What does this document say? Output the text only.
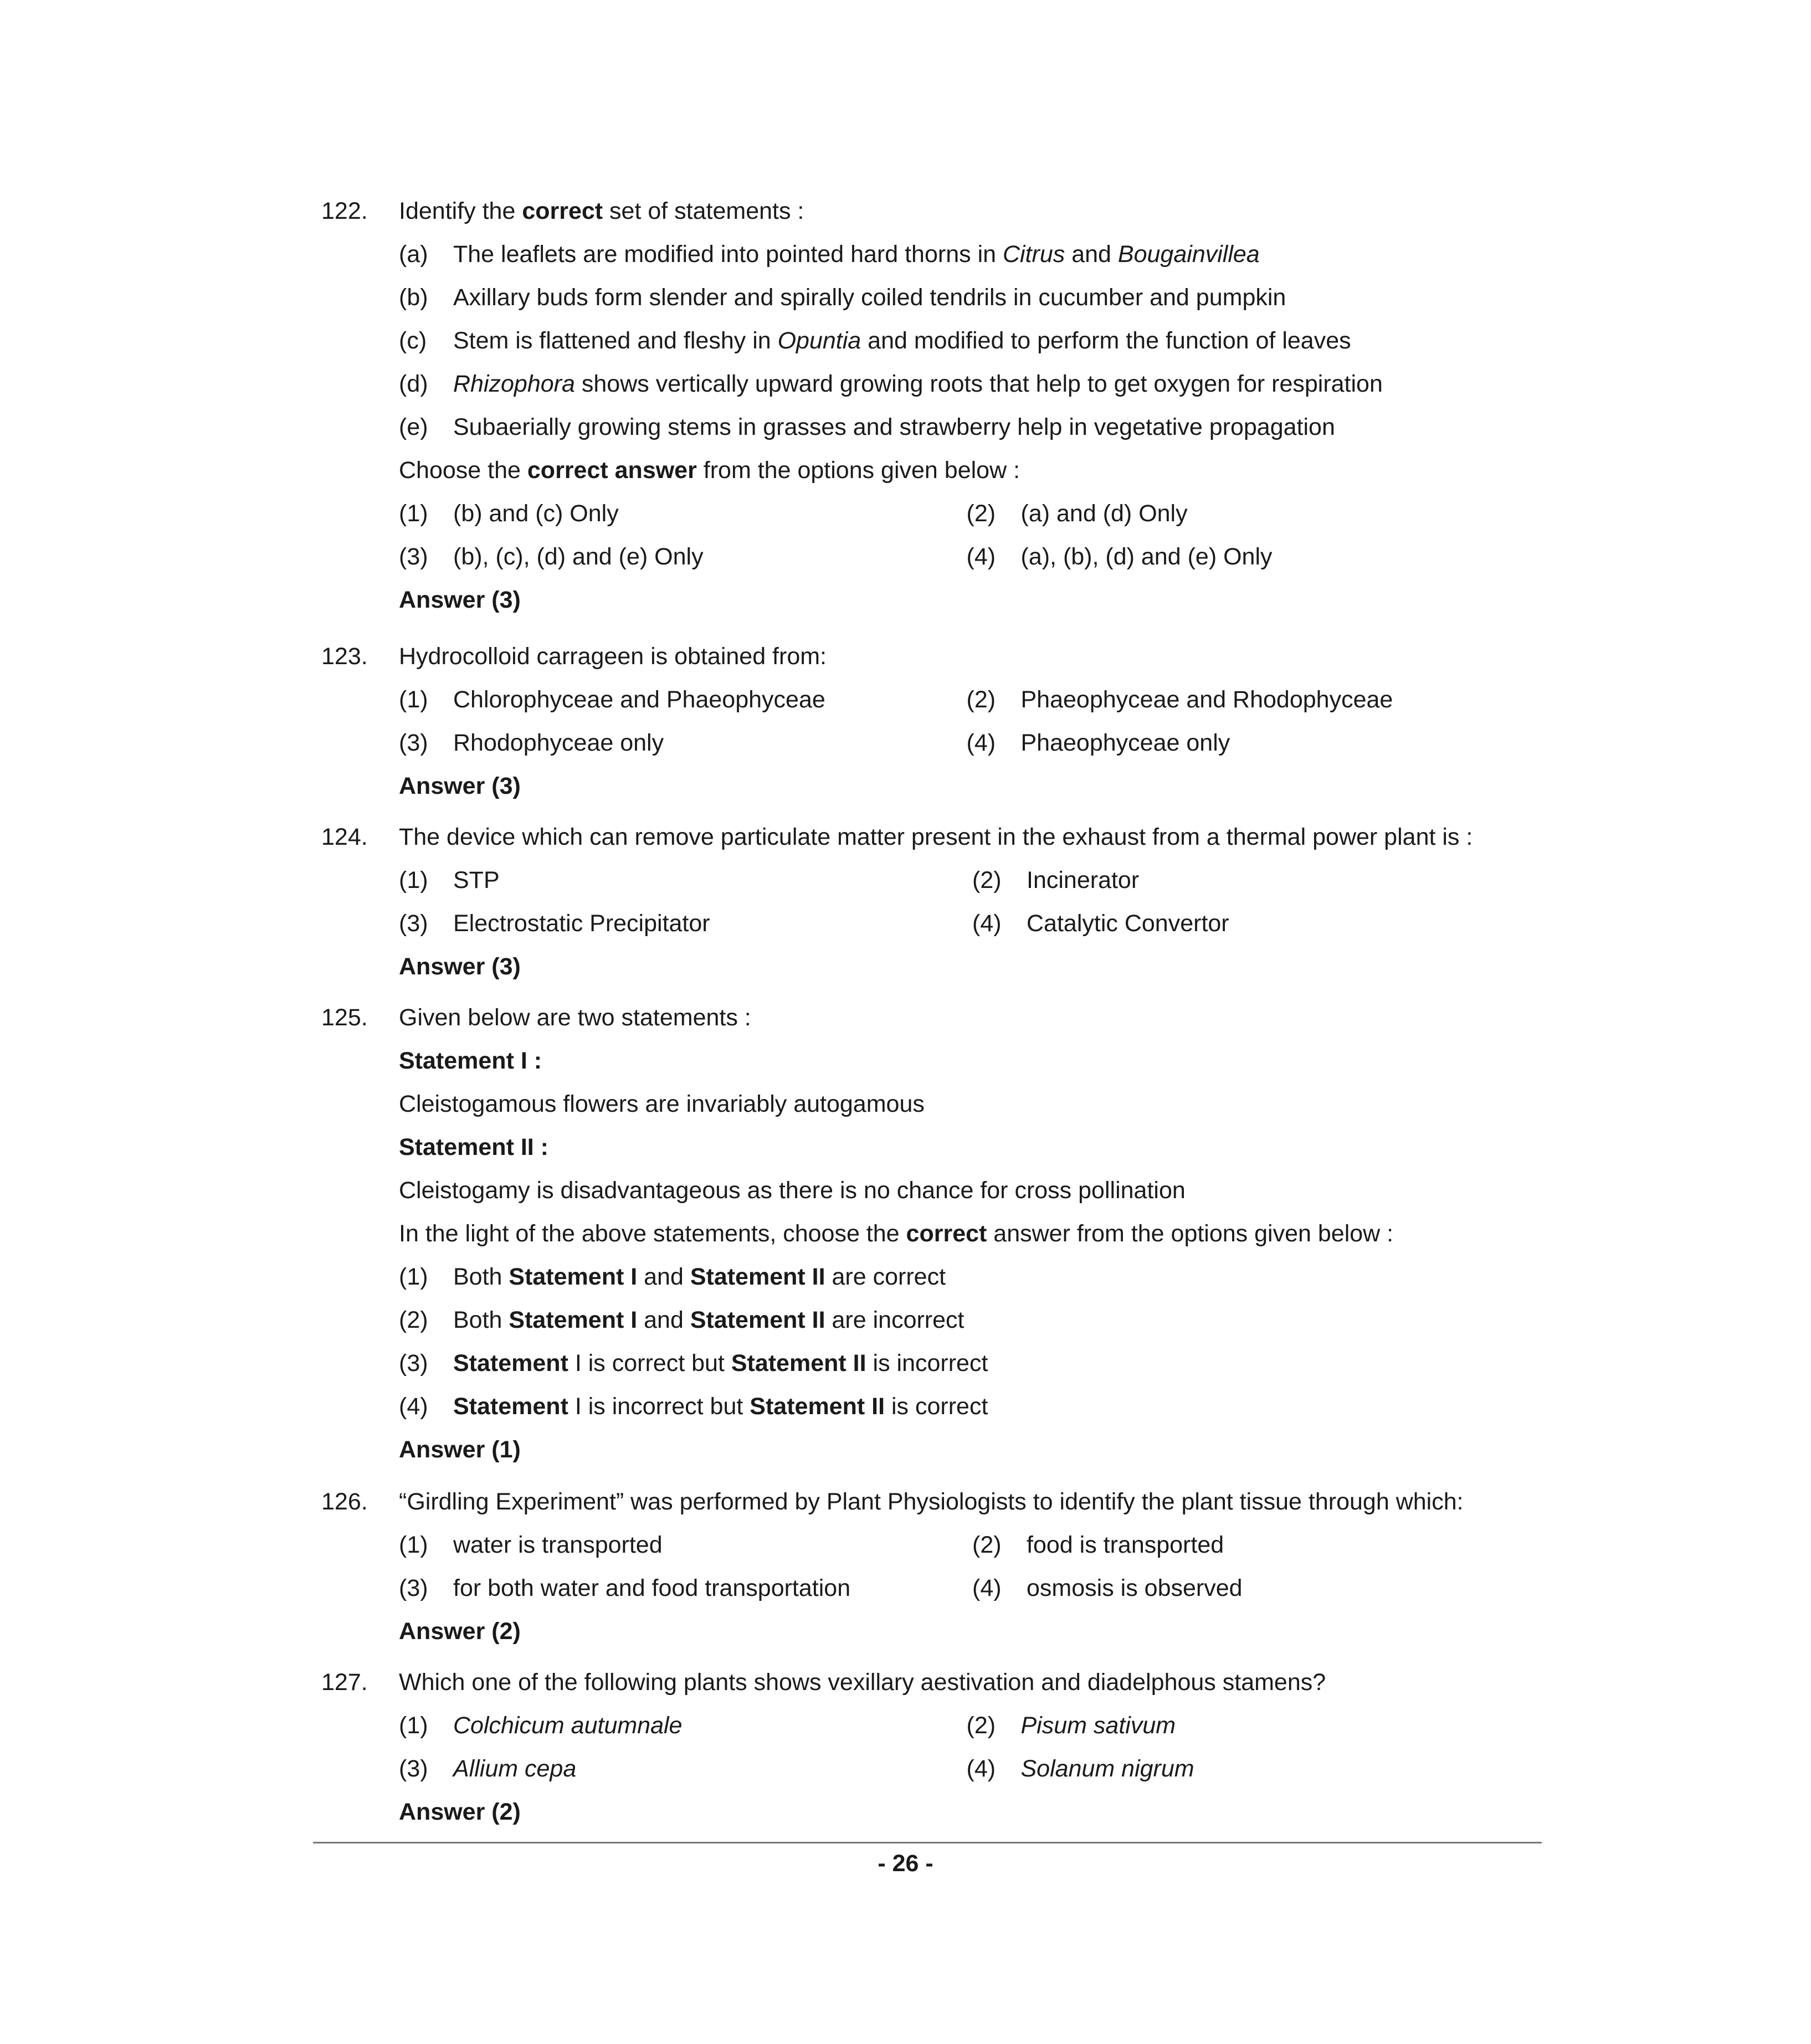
122.	Identify the correct set of statements :
(a) The leaflets are modified into pointed hard thorns in Citrus and Bougainvillea
(b) Axillary buds form slender and spirally coiled tendrils in cucumber and pumpkin
(c) Stem is flattened and fleshy in Opuntia and modified to perform the function of leaves
(d) Rhizophora shows vertically upward growing roots that help to get oxygen for respiration
(e) Subaerially growing stems in grasses and strawberry help in vegetative propagation
Choose the correct answer from the options given below :
(1) (b) and (c) Only	(2) (a) and (d) Only
(3) (b), (c), (d) and (e) Only	(4) (a), (b), (d) and (e) Only
Answer (3)
123.	Hydrocolloid carrageen is obtained from:
(1) Chlorophyceae and Phaeophyceae	(2) Phaeophyceae and Rhodophyceae
(3) Rhodophyceae only	(4) Phaeophyceae only
Answer (3)
124.	The device which can remove particulate matter present in the exhaust from a thermal power plant is :
(1) STP	(2) Incinerator
(3) Electrostatic Precipitator	(4) Catalytic Convertor
Answer (3)
125.	Given below are two statements :
Statement I :
Cleistogamous flowers are invariably autogamous
Statement II :
Cleistogamy is disadvantageous as there is no chance for cross pollination
In the light of the above statements, choose the correct answer from the options given below :
(1) Both Statement I and Statement II are correct
(2) Both Statement I and Statement II are incorrect
(3) Statement I is correct but Statement II is incorrect
(4) Statement I is incorrect but Statement II is correct
Answer (1)
126.	“Girdling Experiment” was performed by Plant Physiologists to identify the plant tissue through which:
(1) water is transported	(2) food is transported
(3) for both water and food transportation	(4) osmosis is observed
Answer (2)
127.	Which one of the following plants shows vexillary aestivation and diadelphous stamens?
(1) Colchicum autumnale	(2) Pisum sativum
(3) Allium cepa	(4) Solanum nigrum
Answer (2)
- 26 -
